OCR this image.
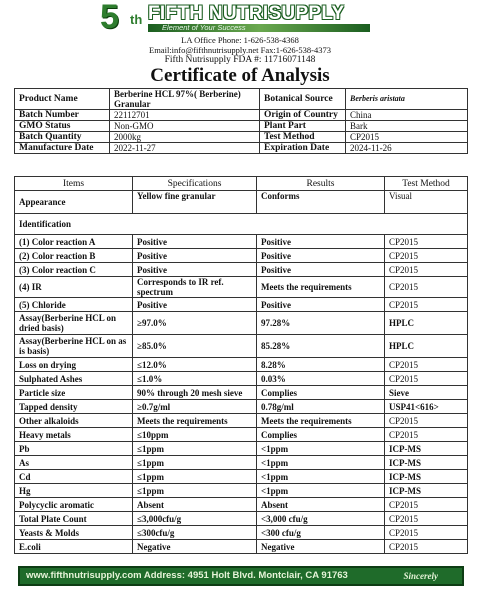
5 th FIFTH NUTRISUPPLY
Element of Your Success
LA Office Phone: 1-626-538-4368
Email:info@fifthnutrisupply.net Fax:1-626-538-4373
Fifth Nutrisupply FDA #: 11716071148
Certificate of Analysis
Product Name	Berberine HCL 97%( Berberine) Granular	Botanical Source	Berberis aristata
Batch Number	22112701	Origin of Country	China
GMO Status	Non-GMO	Plant Part	Bark
Batch Quantity	2000kg	Test Method	CP2015
Manufacture Date	2022-11-27	Expiration Date	2024-11-26
Items	Specifications	Results	Test Method
Appearance	Yellow fine granular	Conforms	Visual
Identification			
(1) Color reaction A	Positive	Positive	CP2015
(2) Color reaction B	Positive	Positive	CP2015
(3) Color reaction C	Positive	Positive	CP2015
(4) IR	Corresponds to IR ref. spectrum	Meets the requirements	CP2015
(5) Chloride	Positive	Positive	CP2015
Assay(Berberine HCL on dried basis)	≥97.0%	97.28%	HPLC
Assay(Berberine HCL on as is basis)	≥85.0%	85.28%	HPLC
Loss on drying	≤12.0%	8.28%	CP2015
Sulphated Ashes	≤1.0%	0.03%	CP2015
Particle size	90% through 20 mesh sieve	Complies	Sieve
Tapped density	≥0.7g/ml	0.78g/ml	USP41<616>
Other alkaloids	Meets the requirements	Meets the requirements	CP2015
Heavy metals	≤10ppm	Complies	CP2015
Pb	≤1ppm	<1ppm	ICP-MS
As	≤1ppm	<1ppm	ICP-MS
Cd	≤1ppm	<1ppm	ICP-MS
Hg	≤1ppm	<1ppm	ICP-MS
Polycyclic aromatic	Absent	Absent	CP2015
Total Plate Count	≤3,000cfu/g	<3,000 cfu/g	CP2015
Yeasts & Molds	≤300cfu/g	<300 cfu/g	CP2015
E.coli	Negative	Negative	CP2015
www.fifthnutrisupply.com Address: 4951 Holt Blvd. Montclair, CA 91763	Sincerely
